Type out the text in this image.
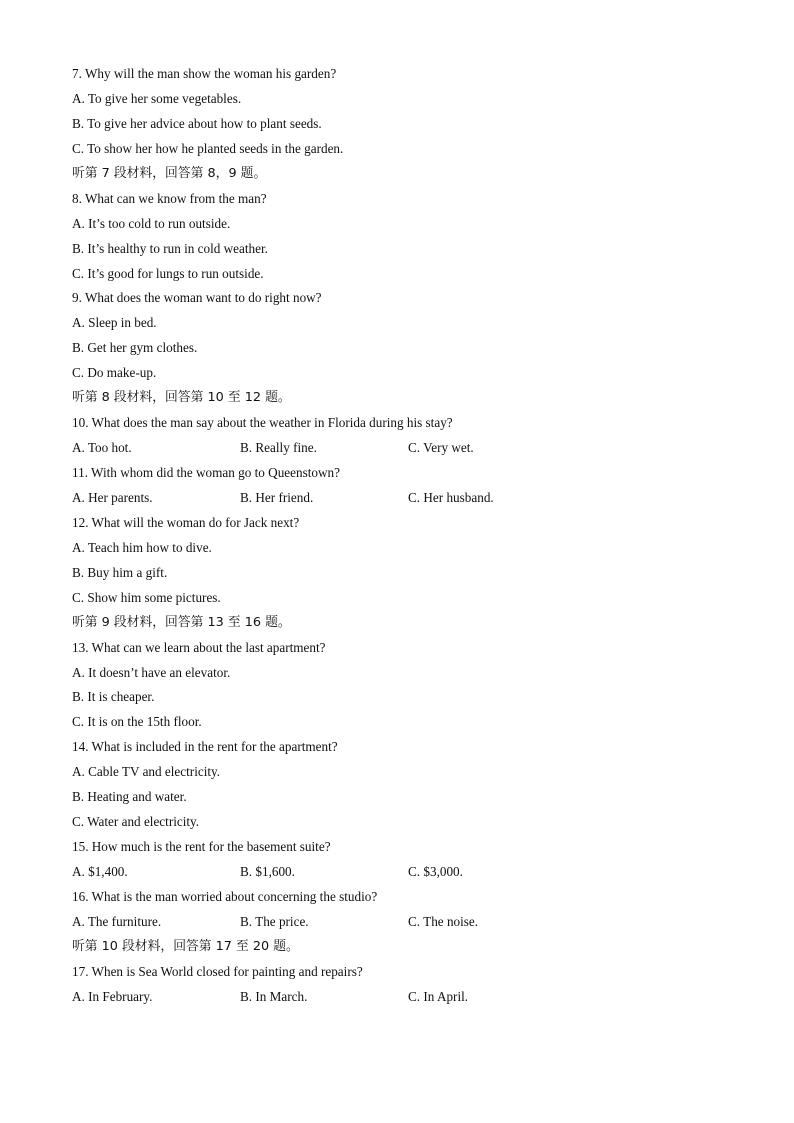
7. Why will the man show the woman his garden?
A. To give her some vegetables.
B. To give her advice about how to plant seeds.
C. To show her how he planted seeds in the garden.
听第 7 段材料，回答第 8，9 题。
8. What can we know from the man?
A. It’s too cold to run outside.
B. It’s healthy to run in cold weather.
C. It’s good for lungs to run outside.
9. What does the woman want to do right now?
A. Sleep in bed.
B. Get her gym clothes.
C. Do make-up.
听第 8 段材料，回答第 10 至 12 题。
10. What does the man say about the weather in Florida during his stay?
A. Too hot.	B. Really fine.	C. Very wet.
11. With whom did the woman go to Queenstown?
A. Her parents.	B. Her friend.	C. Her husband.
12. What will the woman do for Jack next?
A. Teach him how to dive.
B. Buy him a gift.
C. Show him some pictures.
听第 9 段材料，回答第 13 至 16 题。
13. What can we learn about the last apartment?
A. It doesn’t have an elevator.
B. It is cheaper.
C. It is on the 15th floor.
14. What is included in the rent for the apartment?
A. Cable TV and electricity.
B. Heating and water.
C. Water and electricity.
15. How much is the rent for the basement suite?
A. $1,400.	B. $1,600.	C. $3,000.
16. What is the man worried about concerning the studio?
A. The furniture.	B. The price.	C. The noise.
听第 10 段材料，回答第 17 至 20 题。
17. When is Sea World closed for painting and repairs?
A. In February.	B. In March.	C. In April.
